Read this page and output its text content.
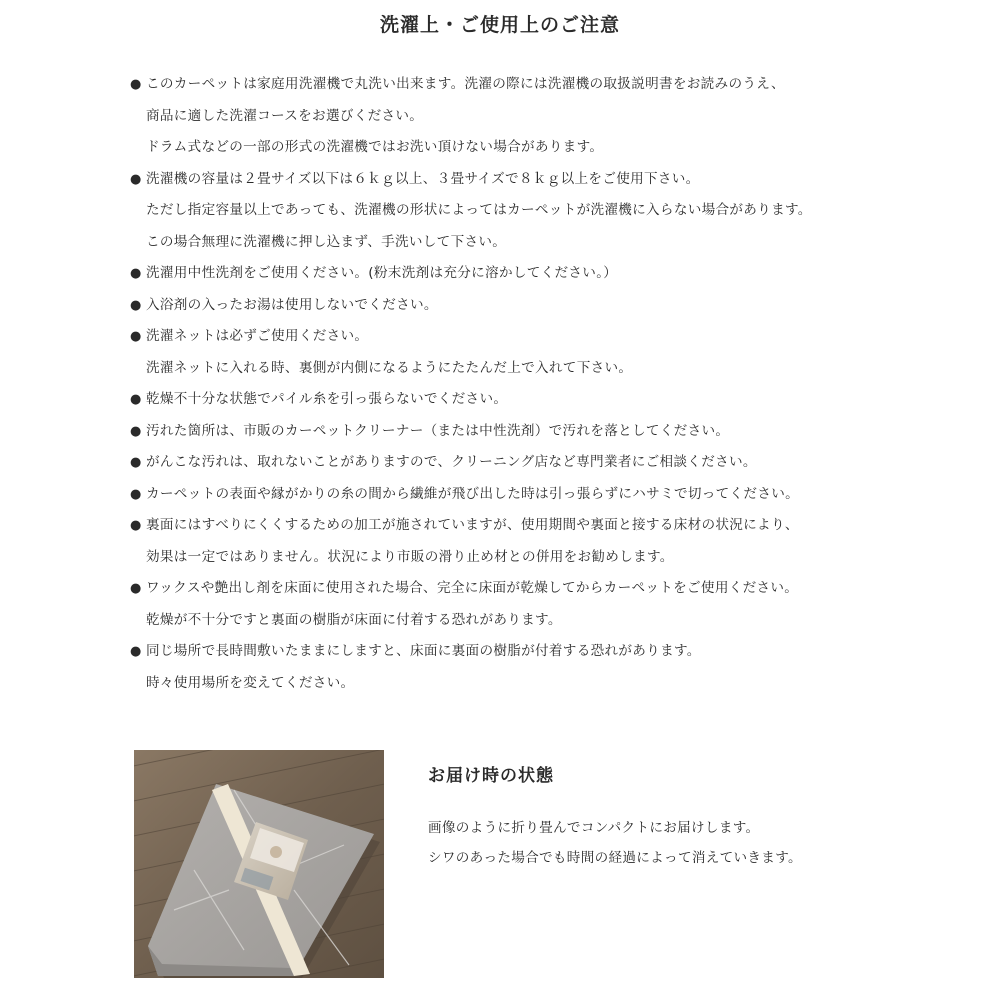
洗濯上・ご使用上のご注意
● このカーペットは家庭用洗濯機で丸洗い出来ます。洗濯の際には洗濯機の取扱説明書をお読みのうえ、
商品に適した洗濯コースをお選びください。
ドラム式などの一部の形式の洗濯機ではお洗い頂けない場合があります。
● 洗濯機の容量は２畳サイズ以下は６ｋｇ以上、３畳サイズで８ｋｇ以上をご使用下さい。
ただし指定容量以上であっても、洗濯機の形状によってはカーペットが洗濯機に入らない場合があります。
この場合無理に洗濯機に押し込まず、手洗いして下さい。
● 洗濯用中性洗剤をご使用ください。(粉末洗剤は充分に溶かしてください。）
● 入浴剤の入ったお湯は使用しないでください。
● 洗濯ネットは必ずご使用ください。
洗濯ネットに入れる時、裏側が内側になるようにたたんだ上で入れて下さい。
● 乾燥不十分な状態でパイル糸を引っ張らないでください。
● 汚れた箇所は、市販のカーペットクリーナー（または中性洗剤）で汚れを落としてください。
● がんこな汚れは、取れないことがありますので、クリーニング店など専門業者にご相談ください。
● カーペットの表面や縁がかりの糸の間から繊維が飛び出した時は引っ張らずにハサミで切ってください。
● 裏面にはすべりにくくするための加工が施されていますが、使用期間や裏面と接する床材の状況により、
効果は一定ではありません。状況により市販の滑り止め材との併用をお勧めします。
● ワックスや艶出し剤を床面に使用された場合、完全に床面が乾燥してからカーペットをご使用ください。
乾燥が不十分ですと裏面の樹脂が床面に付着する恐れがあります。
● 同じ場所で長時間敷いたままにしますと、床面に裏面の樹脂が付着する恐れがあります。
時々使用場所を変えてください。
お届け時の状態
画像のように折り畳んでコンパクトにお届けします。
シワのあった場合でも時間の経過によって消えていきます。
